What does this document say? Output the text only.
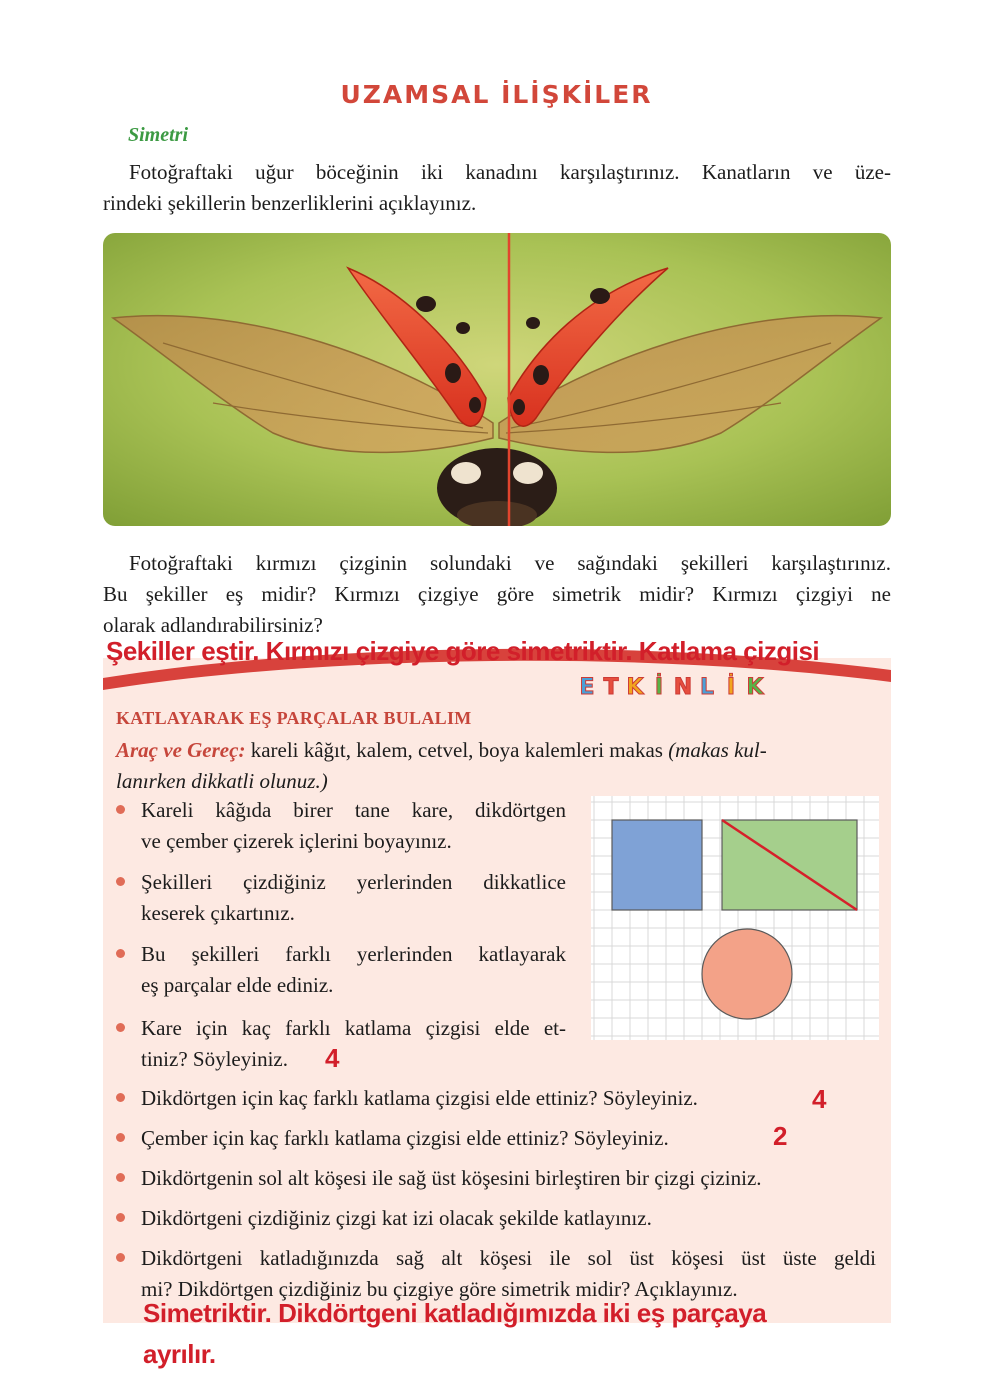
UZAMSAL İLİŞKİLER
Simetri
Fotoğraftaki uğur böceğinin iki kanadını karşılaştırınız. Kanatların ve üze-
rindeki şekillerin benzerliklerini açıklayınız.
Fotoğraftaki kırmızı çizginin solundaki ve sağındaki şekilleri karşılaştırınız.
Bu şekiller eş midir? Kırmızı çizgiye göre simetrik midir? Kırmızı çizgiyi ne
olarak adlandırabilirsiniz?
E T K İ N L İ K
Şekiller eştir. Kırmızı çizgiye göre simetriktir. Katlama çizgisi
KATLAYARAK EŞ PARÇALAR BULALIM
Araç ve Gereç: kareli kâğıt, kalem, cetvel, boya kalemleri makas (makas kul-
lanırken dikkatli olunuz.)
Kareli kâğıda birer tane kare, dikdörtgen
ve çember çizerek içlerini boyayınız.
Şekilleri çizdiğiniz yerlerinden dikkatlice
keserek çıkartınız.
Bu şekilleri farklı yerlerinden katlayarak
eş parçalar elde ediniz.
Kare için kaç farklı katlama çizgisi elde et-
tiniz? Söyleyiniz.	4
Dikdörtgen için kaç farklı katlama çizgisi elde ettiniz? Söyleyiniz.	4
Çember için kaç farklı katlama çizgisi elde ettiniz? Söyleyiniz.	2
Dikdörtgenin sol alt köşesi ile sağ üst köşesini birleştiren bir çizgi çiziniz.
Dikdörtgeni çizdiğiniz çizgi kat izi olacak şekilde katlayınız.
Dikdörtgeni katladığınızda sağ alt köşesi ile sol üst köşesi üst üste geldi
mi? Dikdörtgen çizdiğiniz bu çizgiye göre simetrik midir? Açıklayınız.
Simetriktir. Dikdörtgeni katladığımızda iki eş parçaya
ayrılır.
